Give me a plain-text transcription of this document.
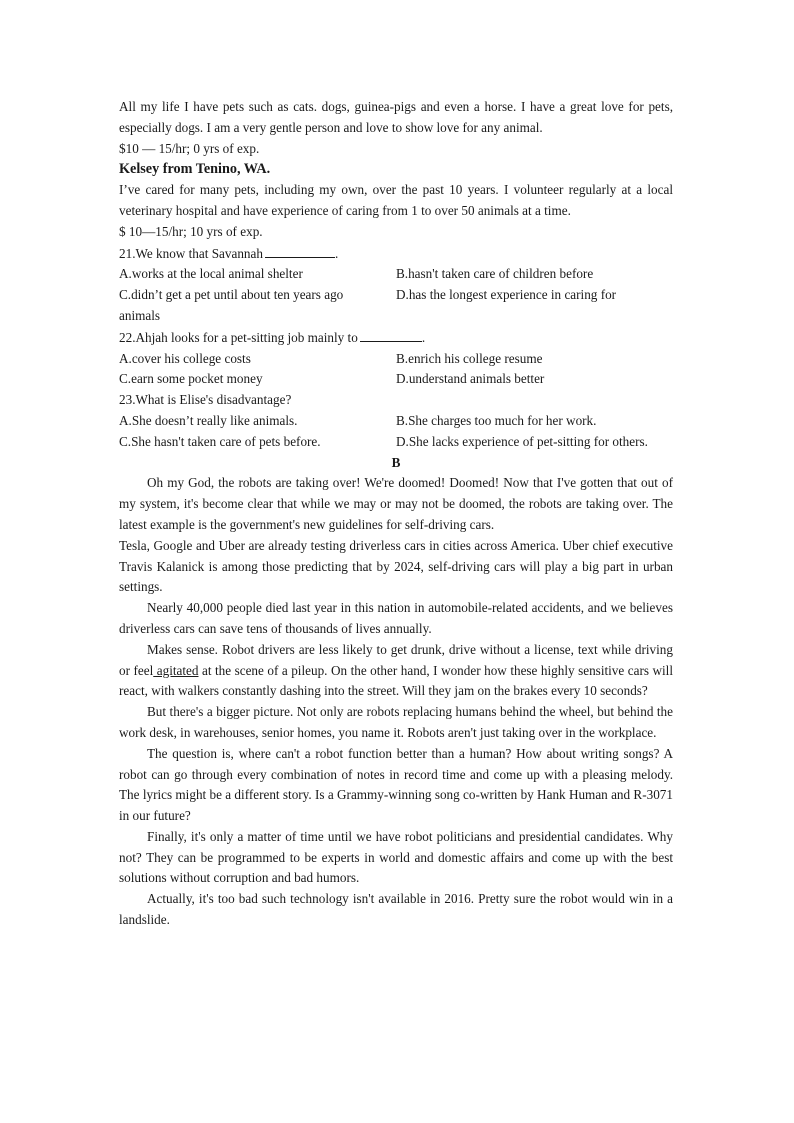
All my life I have pets such as cats. dogs, guinea-pigs and even a horse. I have a great love for pets, especially dogs. I am a very gentle person and love to show love for any animal.

$10 — 15/hr; 0 yrs of exp.

Kelsey from Tenino, WA.

I’ve cared for many pets, including my own, over the past 10 years. I volunteer regularly at a local veterinary hospital and have experience of caring from 1 to over 50 animals at a time.

$ 10—15/hr; 10 yrs of exp.

21.We know that Savannah	.

A.works at the local animal shelter	B.hasn't taken care of children before
C.didn’t get a pet until about ten years ago	D.has the longest experience in caring for
animals

22.Ahjah looks for a pet-sitting job mainly to	.

A.cover his college costs	B.enrich his college resume
C.earn some pocket money	D.understand animals better

23.What is Elise's disadvantage?

A.She doesn’t really like animals.	B.She charges too much for her work.
C.She hasn't taken care of pets before.	D.She lacks experience of pet-sitting for others.

B

Oh my God, the robots are taking over! We're doomed! Doomed! Now that I've gotten that out of my system, it's become clear that while we may or may not be doomed, the robots are taking over. The latest example is the government's new guidelines for self-driving cars.

Tesla, Google and Uber are already testing driverless cars in cities across America. Uber chief executive Travis Kalanick is among those predicting that by 2024, self-driving cars will play a big part in urban settings.

Nearly 40,000 people died last year in this nation in automobile-related accidents, and we believes driverless cars can save tens of thousands of lives annually.

Makes sense. Robot drivers are less likely to get drunk, drive without a license, text while driving or feel agitated at the scene of a pileup. On the other hand, I wonder how these highly sensitive cars will react, with walkers constantly dashing into the street. Will they jam on the brakes every 10 seconds?

But there's a bigger picture. Not only are robots replacing humans behind the wheel, but behind the work desk, in warehouses, senior homes, you name it. Robots aren't just taking over in the workplace.

The question is, where can't a robot function better than a human? How about writing songs? A robot can go through every combination of notes in record time and come up with a pleasing melody. The lyrics might be a different story. Is a Grammy-winning song co-written by Hank Human and R-3071 in our future?

Finally, it's only a matter of time until we have robot politicians and presidential candidates. Why not? They can be programmed to be experts in world and domestic affairs and come up with the best solutions without corruption and bad humors.

Actually, it's too bad such technology isn't available in 2016. Pretty sure the robot would win in a landslide.
